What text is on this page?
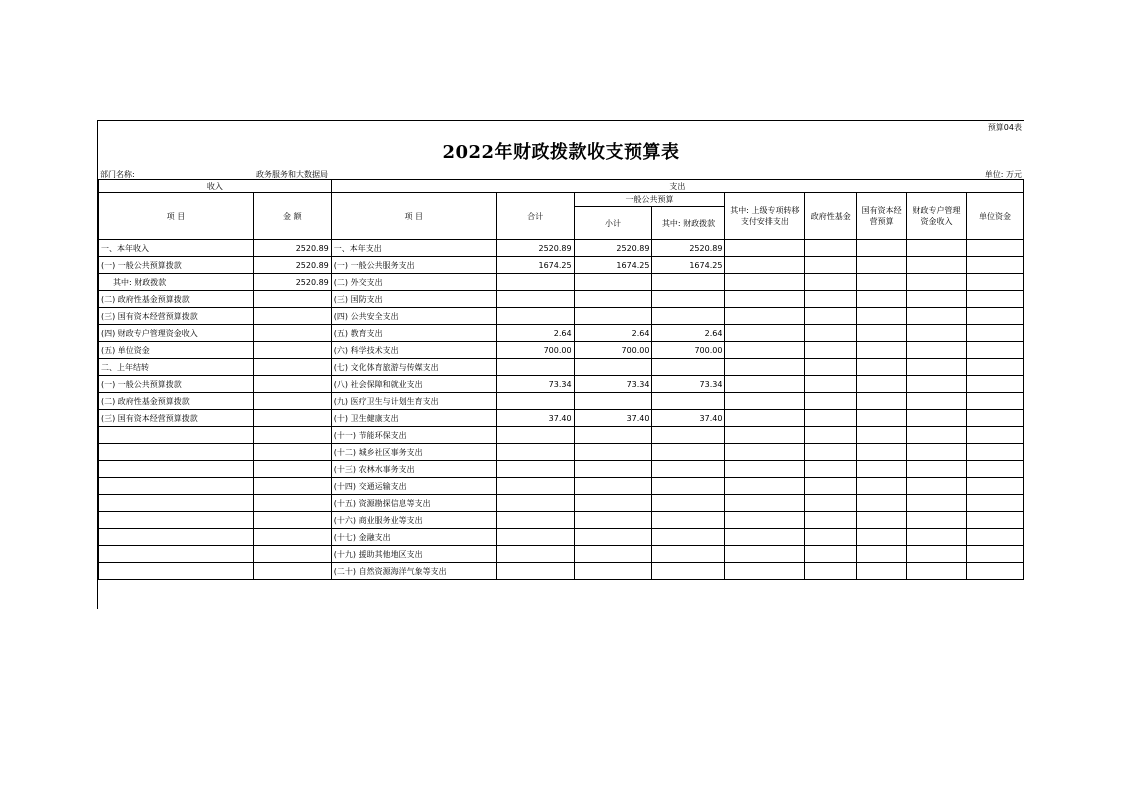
预算04表
2022年财政拨款收支预算表
部门名称:	政务服务和大数据局	单位: 万元
收入		支出								
项 目	金 额	项 目	合计	一般公共预算		其中: 上级专项转移支付安排支出	政府性基金	国有资本经营预算	财政专户管理资金收入	单位资金
				小计	其中: 财政拨款					
一、本年收入	2520.89	一、本年支出	2520.89	2520.89	2520.89					
(一) 一般公共预算拨款	2520.89	(一) 一般公共服务支出	1674.25	1674.25	1674.25					
其中: 财政拨款	2520.89	(二) 外交支出								
(二) 政府性基金预算拨款		(三) 国防支出								
(三) 国有资本经营预算拨款		(四) 公共安全支出								
(四) 财政专户管理资金收入		(五) 教育支出	2.64	2.64	2.64					
(五) 单位资金		(六) 科学技术支出	700.00	700.00	700.00					
二、上年结转		(七) 文化体育旅游与传媒支出								
(一) 一般公共预算拨款		(八) 社会保障和就业支出	73.34	73.34	73.34					
(二) 政府性基金预算拨款		(九) 医疗卫生与计划生育支出								
(三) 国有资本经营预算拨款		(十) 卫生健康支出	37.40	37.40	37.40					
		(十一) 节能环保支出								
		(十二) 城乡社区事务支出								
		(十三) 农林水事务支出								
		(十四) 交通运输支出								
		(十五) 资源勘探信息等支出								
		(十六) 商业服务业等支出								
		(十七) 金融支出								
		(十九) 援助其他地区支出								
		(二十) 自然资源海洋气象等支出								
